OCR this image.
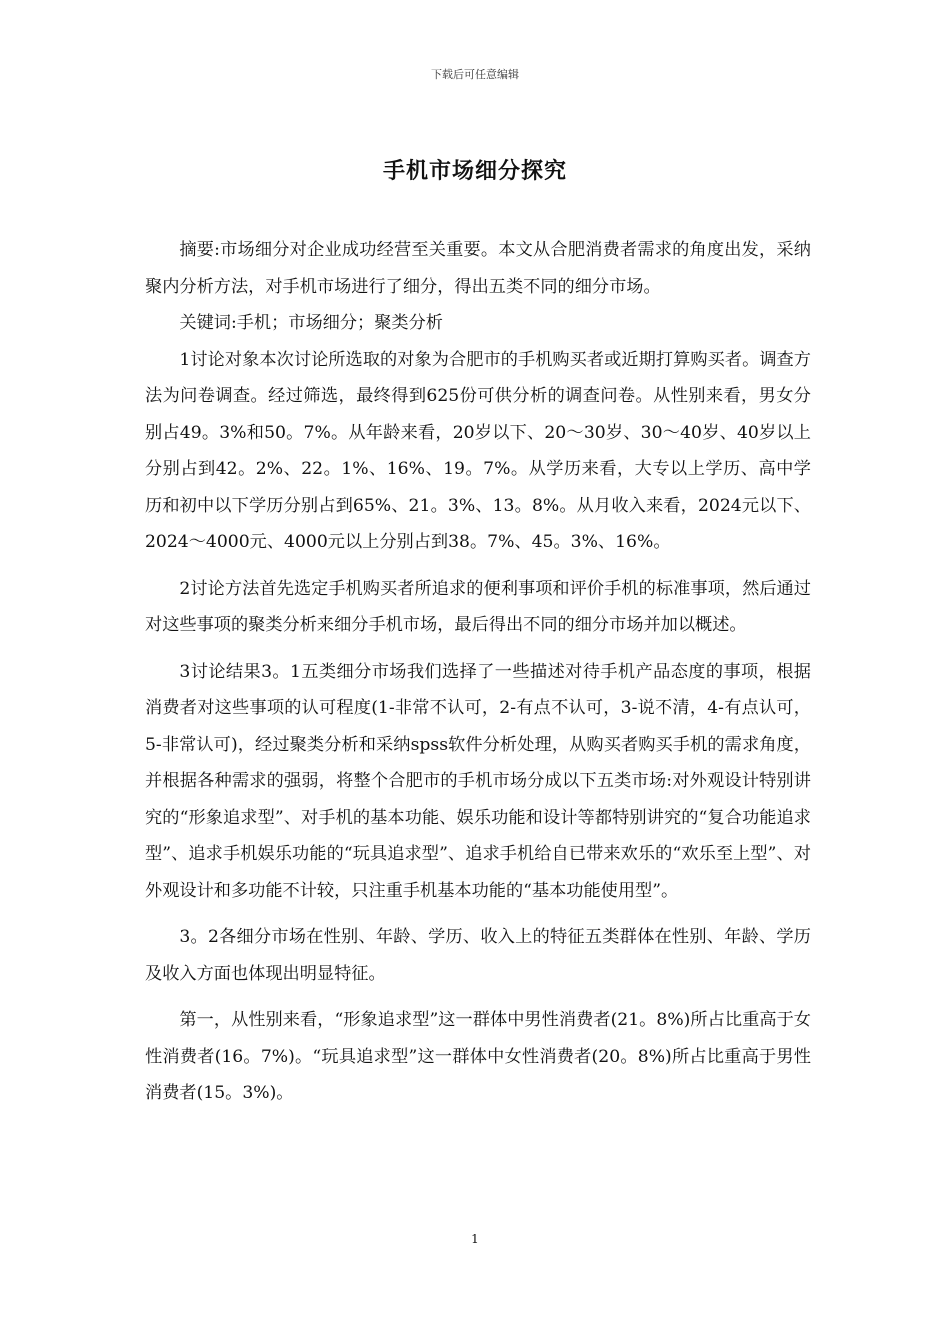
下载后可任意编辑
手机市场细分探究

摘要:市场细分对企业成功经营至关重要。本文从合肥消费者需求的角度出发，采纳聚内分析方法，对手机市场进行了细分，得出五类不同的细分市场。

关键词:手机；市场细分；聚类分析

1讨论对象本次讨论所选取的对象为合肥市的手机购买者或近期打算购买者。调查方法为问卷调查。经过筛选，最终得到625份可供分析的调查问卷。从性别来看，男女分别占49。3%和50。7%。从年龄来看，20岁以下、20～30岁、30～40岁、40岁以上分别占到42。2%、22。1%、16%、19。7%。从学历来看，大专以上学历、高中学历和初中以下学历分别占到65%、21。3%、13。8%。从月收入来看，2024元以下、2024～4000元、4000元以上分别占到38。7%、45。3%、16%。

2讨论方法首先选定手机购买者所追求的便利事项和评价手机的标准事项，然后通过对这些事项的聚类分析来细分手机市场，最后得出不同的细分市场并加以概述。

3讨论结果3。1五类细分市场我们选择了一些描述对待手机产品态度的事项，根据消费者对这些事项的认可程度(1-非常不认可，2-有点不认可，3-说不清，4-有点认可，5-非常认可)，经过聚类分析和采纳spss软件分析处理，从购买者购买手机的需求角度，并根据各种需求的强弱，将整个合肥市的手机市场分成以下五类市场:对外观设计特别讲究的“形象追求型”、对手机的基本功能、娱乐功能和设计等都特别讲究的“复合功能追求型”、追求手机娱乐功能的“玩具追求型”、追求手机给自已带来欢乐的“欢乐至上型”、对外观设计和多功能不计较，只注重手机基本功能的“基本功能使用型”。

3。2各细分市场在性别、年龄、学历、收入上的特征五类群体在性别、年龄、学历及收入方面也体现出明显特征。

第一，从性别来看，“形象追求型”这一群体中男性消费者(21。8%)所占比重高于女性消费者(16。7%)。“玩具追求型”这一群体中女性消费者(20。8%)所占比重高于男性消费者(15。3%)。

1
